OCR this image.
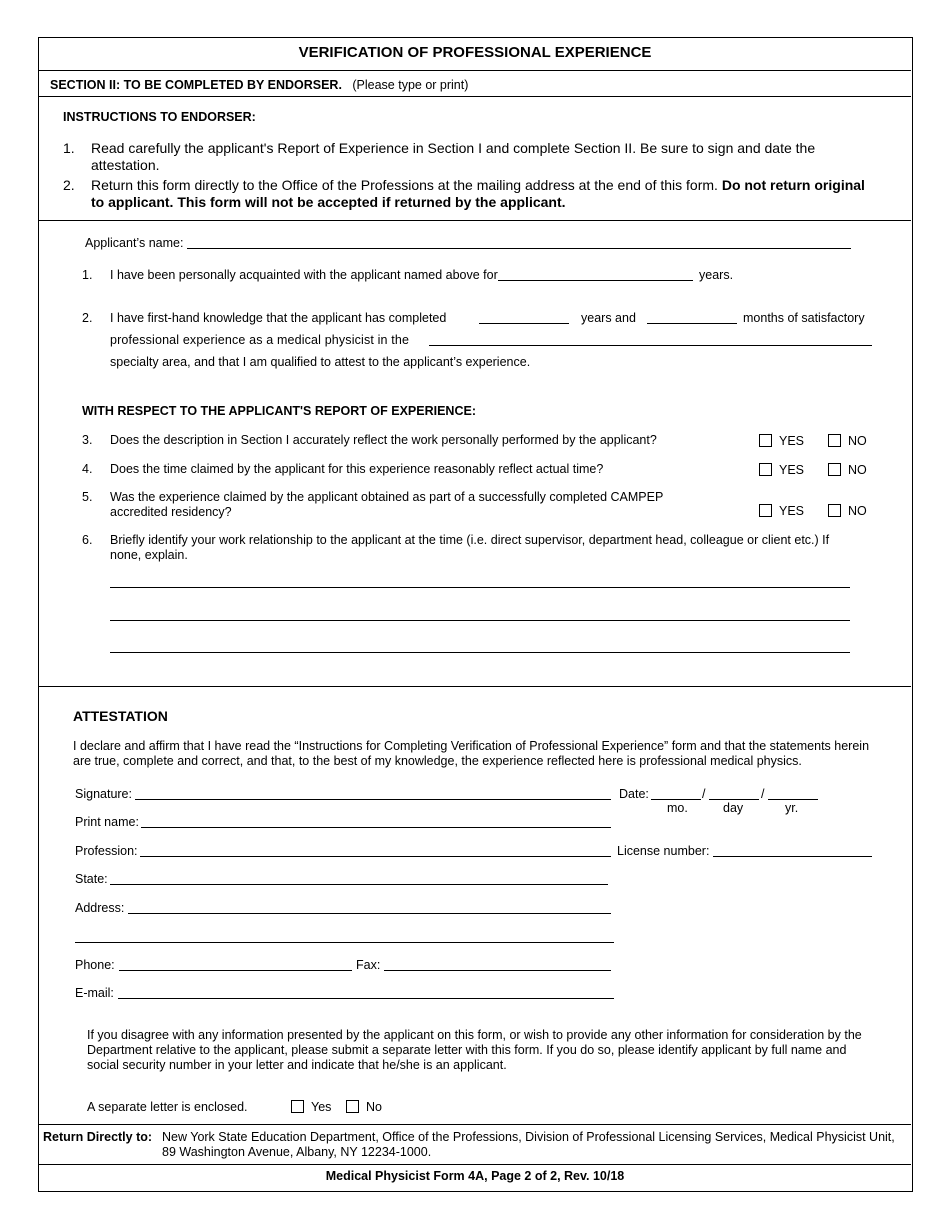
VERIFICATION OF PROFESSIONAL EXPERIENCE
SECTION II: TO BE COMPLETED BY ENDORSER. (Please type or print)
INSTRUCTIONS TO ENDORSER:
1. Read carefully the applicant's Report of Experience in Section I and complete Section II. Be sure to sign and date the attestation.
2. Return this form directly to the Office of the Professions at the mailing address at the end of this form. Do not return original to applicant. This form will not be accepted if returned by the applicant.
Applicant’s name:
1. I have been personally acquainted with the applicant named above for	years.
2. I have first-hand knowledge that the applicant has completed	years and	months of satisfactory
professional experience as a medical physicist in the
specialty area, and that I am qualified to attest to the applicant’s experience.
WITH RESPECT TO THE APPLICANT'S REPORT OF EXPERIENCE:
3. Does the description in Section I accurately reflect the work personally performed by the applicant?	YES	NO
4. Does the time claimed by the applicant for this experience reasonably reflect actual time?	YES	NO
5. Was the experience claimed by the applicant obtained as part of a successfully completed CAMPEP accredited residency?	YES	NO
6. Briefly identify your work relationship to the applicant at the time (i.e. direct supervisor, department head, colleague or client etc.) If none, explain.
ATTESTATION
I declare and affirm that I have read the “Instructions for Completing Verification of Professional Experience” form and that the statements herein are true, complete and correct, and that, to the best of my knowledge, the experience reflected here is professional medical physics.
Signature:	Date:	/	/
mo.	day	yr.
Print name:
Profession:	License number:
State:
Address:
Phone:	Fax:
E-mail:
If you disagree with any information presented by the applicant on this form, or wish to provide any other information for consideration by the Department relative to the applicant, please submit a separate letter with this form. If you do so, please identify applicant by full name and social security number in your letter and indicate that he/she is an applicant.
A separate letter is enclosed.	Yes	No
Return Directly to: New York State Education Department, Office of the Professions, Division of Professional Licensing Services, Medical Physicist Unit, 89 Washington Avenue, Albany, NY 12234-1000.
Medical Physicist Form 4A, Page 2 of 2, Rev. 10/18
